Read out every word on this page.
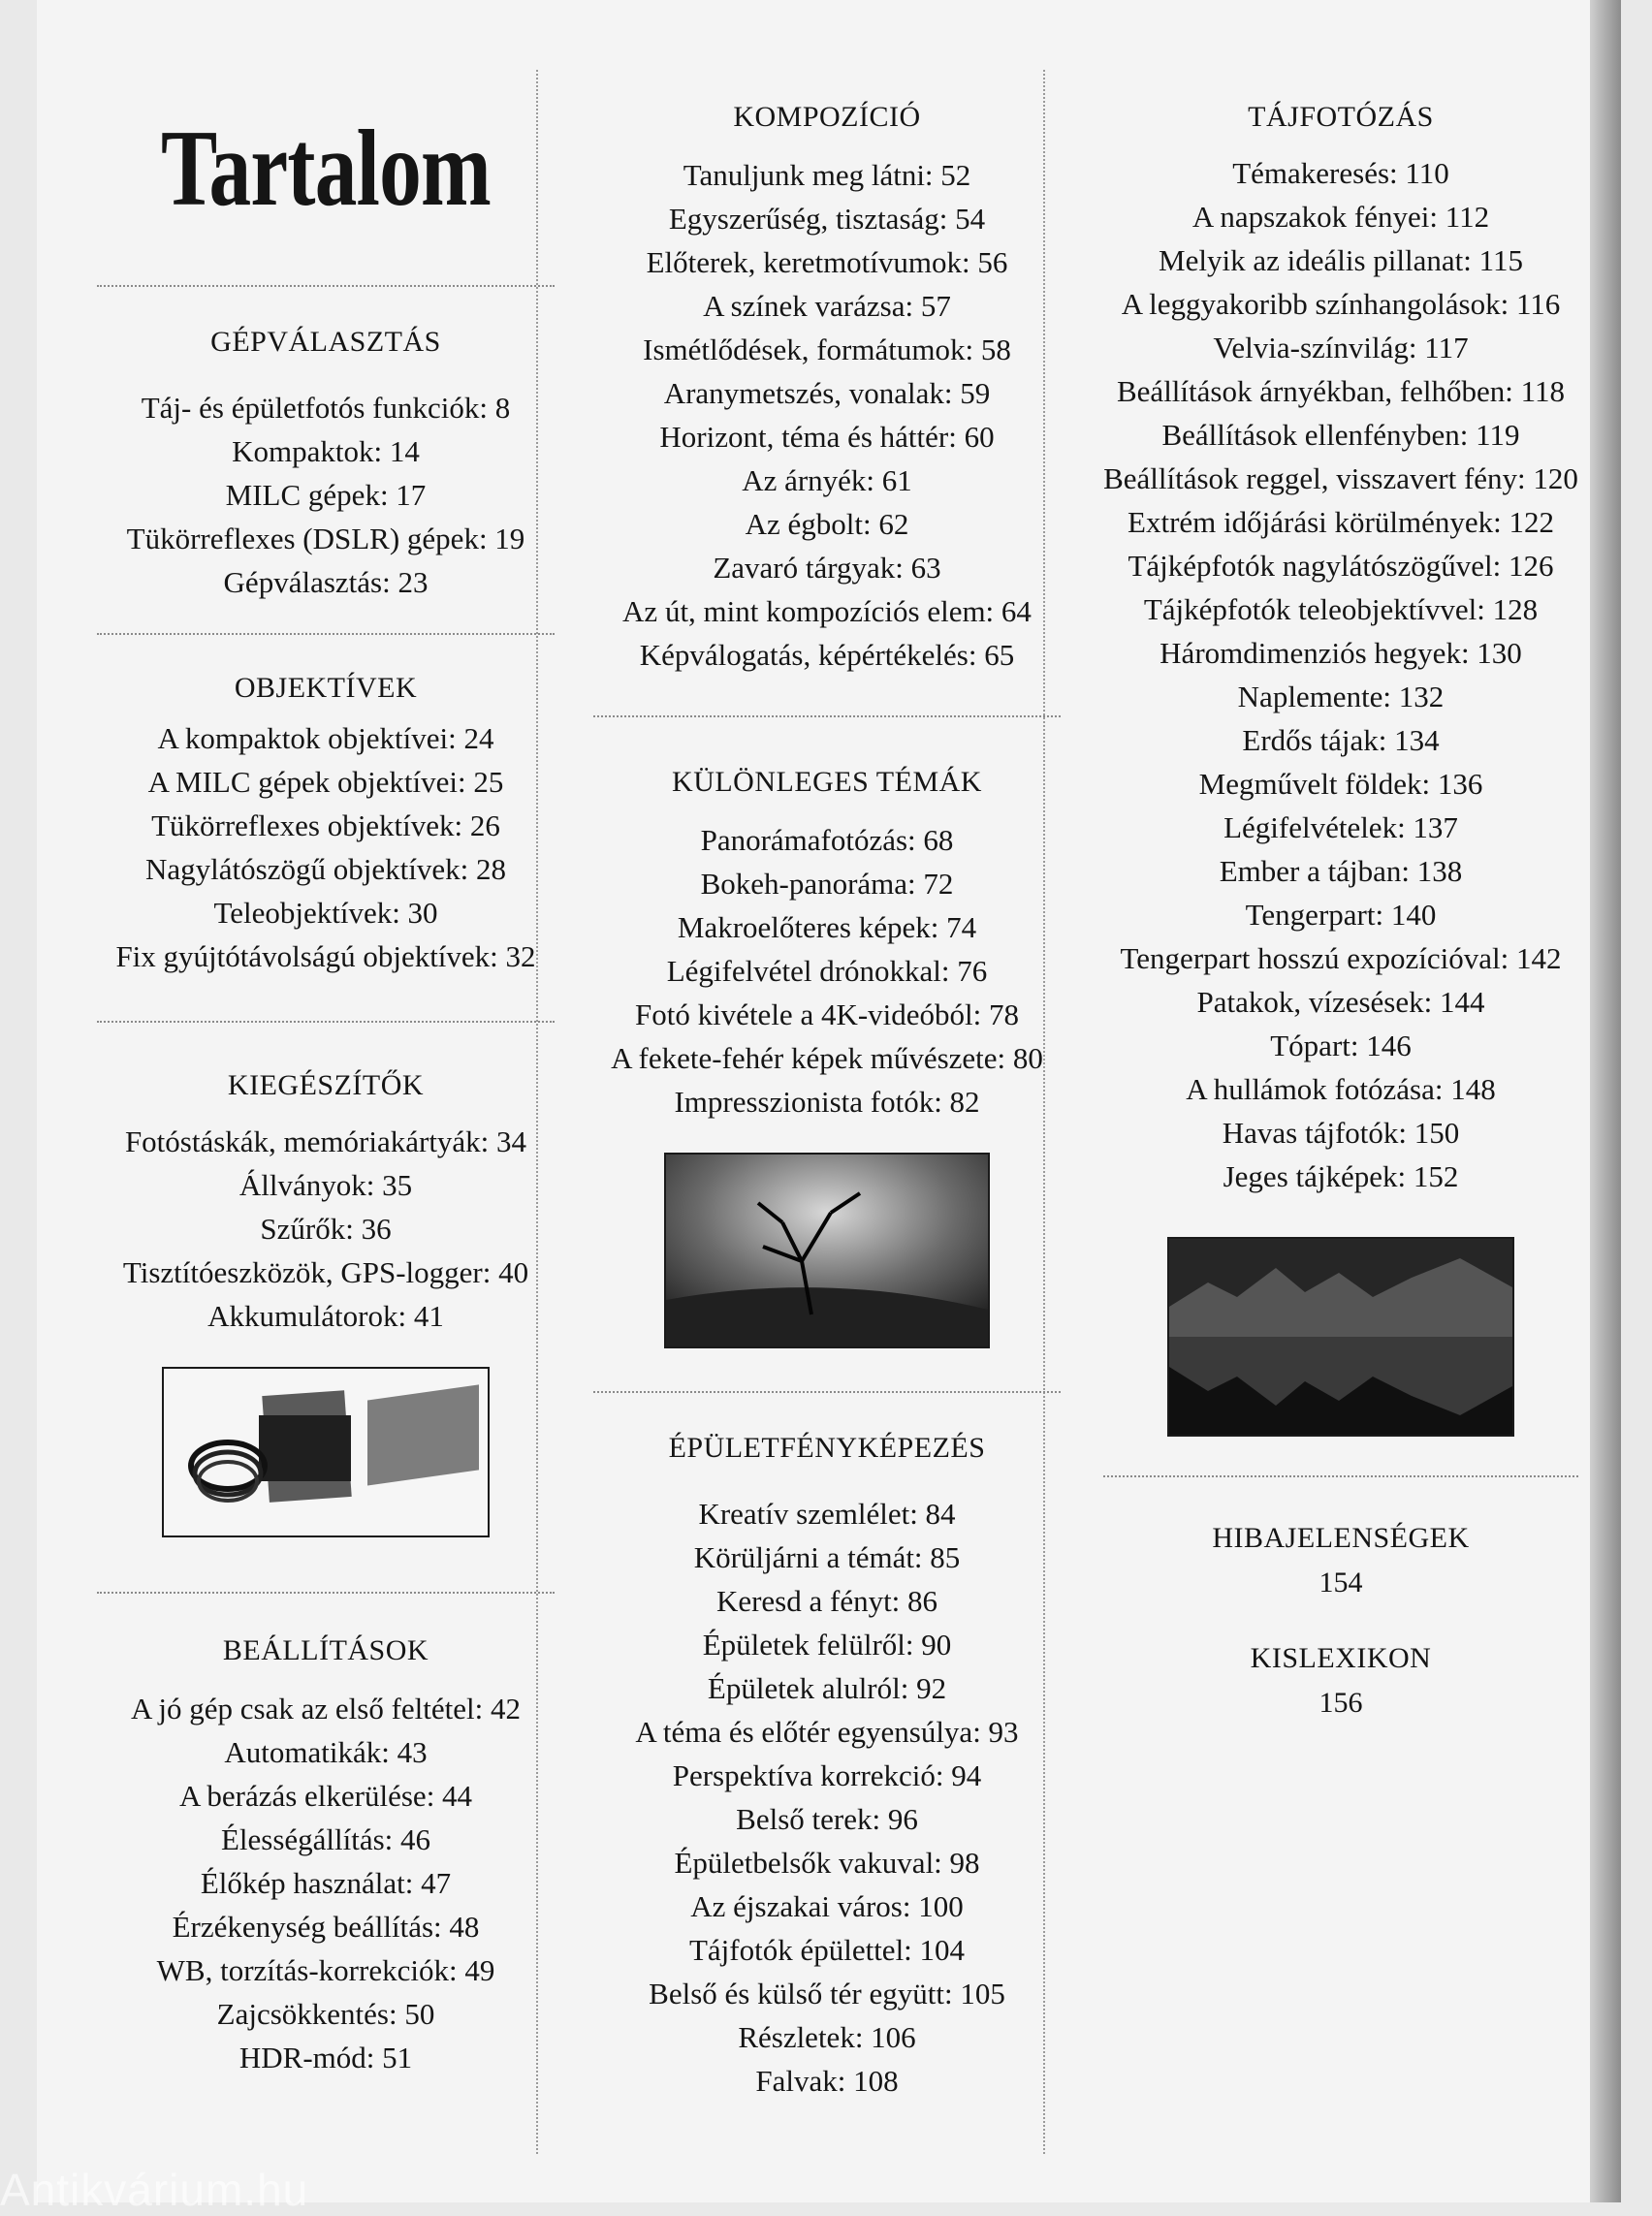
Tartalom
GÉPVÁLASZTÁS
Táj- és épületfotós funkciók: 8
Kompaktok: 14
MILC gépek: 17
Tükörreflexes (DSLR) gépek: 19
Gépválasztás: 23
OBJEKTÍVEK
A kompaktok objektívei: 24
A MILC gépek objektívei: 25
Tükörreflexes objektívek: 26
Nagylátószögű objektívek: 28
Teleobjektívek: 30
Fix gyújtótávolságú objektívek: 32
KIEGÉSZÍTŐK
Fotóstáskák, memóriakártyák: 34
Állványok: 35
Szűrők: 36
Tisztítóeszközök, GPS-logger: 40
Akkumulátorok: 41
BEÁLLÍTÁSOK
A jó gép csak az első feltétel: 42
Automatikák: 43
A berázás elkerülése: 44
Élességállítás: 46
Élőkép használat: 47
Érzékenység beállítás: 48
WB, torzítás-korrekciók: 49
Zajcsökkentés: 50
HDR-mód: 51
KOMPOZÍCIÓ
Tanuljunk meg látni: 52
Egyszerűség, tisztaság: 54
Előterek, keretmotívumok: 56
A színek varázsa: 57
Ismétlődések, formátumok: 58
Aranymetszés, vonalak: 59
Horizont, téma és háttér: 60
Az árnyék: 61
Az égbolt: 62
Zavaró tárgyak: 63
Az út, mint kompozíciós elem: 64
Képválogatás, képértékelés: 65
KÜLÖNLEGES TÉMÁK
Panorámafotózás: 68
Bokeh-panoráma: 72
Makroelőteres képek: 74
Légifelvétel drónokkal: 76
Fotó kivétele a 4K-videóból: 78
A fekete-fehér képek művészete: 80
Impresszionista fotók: 82
ÉPÜLETFÉNYKÉPEZÉS
Kreatív szemlélet: 84
Körüljárni a témát: 85
Keresd a fényt: 86
Épületek felülről: 90
Épületek alulról: 92
A téma és előtér egyensúlya: 93
Perspektíva korrekció: 94
Belső terek: 96
Épületbelsők vakuval: 98
Az éjszakai város: 100
Tájfotók épülettel: 104
Belső és külső tér együtt: 105
Részletek: 106
Falvak: 108
TÁJFOTÓZÁS
Témakeresés: 110
A napszakok fényei: 112
Melyik az ideális pillanat: 115
A leggyakoribb színhangolások: 116
Velvia-színvilág: 117
Beállítások árnyékban, felhőben: 118
Beállítások ellenfényben: 119
Beállítások reggel, visszavert fény: 120
Extrém időjárási körülmények: 122
Tájképfotók nagylátószögűvel: 126
Tájképfotók teleobjektívvel: 128
Háromdimenziós hegyek: 130
Naplemente: 132
Erdős tájak: 134
Megművelt földek: 136
Légifelvételek: 137
Ember a tájban: 138
Tengerpart: 140
Tengerpart hosszú expozícióval: 142
Patakok, vízesések: 144
Tópart: 146
A hullámok fotózása: 148
Havas tájfotók: 150
Jeges tájképek: 152
HIBAJELENSÉGEK
154
KISLEXIKON
156
Antikvárium.hu
